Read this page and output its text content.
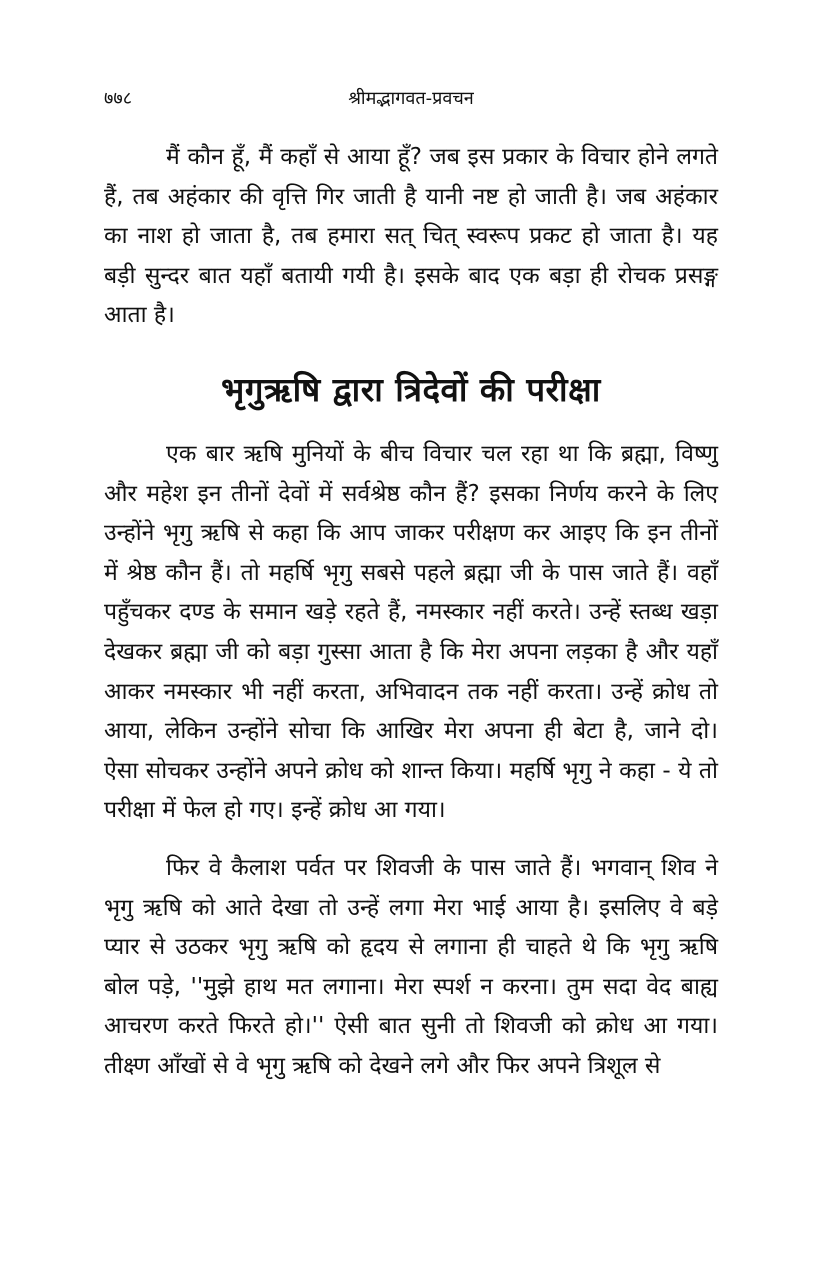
७७८	श्रीमद्भागवत-प्रवचन

मैं कौन हूँ, मैं कहाँ से आया हूँ? जब इस प्रकार के विचार होने लगते हैं, तब अहंकार की वृत्ति गिर जाती है यानी नष्ट हो जाती है। जब अहंकार का नाश हो जाता है, तब हमारा सत् चित् स्वरूप प्रकट हो जाता है। यह बड़ी सुन्दर बात यहाँ बतायी गयी है। इसके बाद एक बड़ा ही रोचक प्रसङ्ग आता है।

भृगुऋषि द्वारा त्रिदेवों की परीक्षा

एक बार ऋषि मुनियों के बीच विचार चल रहा था कि ब्रह्मा, विष्णु और महेश इन तीनों देवों में सर्वश्रेष्ठ कौन हैं? इसका निर्णय करने के लिए उन्होंने भृगु ऋषि से कहा कि आप जाकर परीक्षण कर आइए कि इन तीनों में श्रेष्ठ कौन हैं। तो महर्षि भृगु सबसे पहले ब्रह्मा जी के पास जाते हैं। वहाँ पहुँचकर दण्ड के समान खड़े रहते हैं, नमस्कार नहीं करते। उन्हें स्तब्ध खड़ा देखकर ब्रह्मा जी को बड़ा गुस्सा आता है कि मेरा अपना लड़का है और यहाँ आकर नमस्कार भी नहीं करता, अभिवादन तक नहीं करता। उन्हें क्रोध तो आया, लेकिन उन्होंने सोचा कि आखिर मेरा अपना ही बेटा है, जाने दो। ऐसा सोचकर उन्होंने अपने क्रोध को शान्त किया। महर्षि भृगु ने कहा - ये तो परीक्षा में फेल हो गए। इन्हें क्रोध आ गया।

फिर वे कैलाश पर्वत पर शिवजी के पास जाते हैं। भगवान् शिव ने भृगु ऋषि को आते देखा तो उन्हें लगा मेरा भाई आया है। इसलिए वे बड़े प्यार से उठकर भृगु ऋषि को हृदय से लगाना ही चाहते थे कि भृगु ऋषि बोल पड़े, ''मुझे हाथ मत लगाना। मेरा स्पर्श न करना। तुम सदा वेद बाह्य आचरण करते फिरते हो।'' ऐसी बात सुनी तो शिवजी को क्रोध आ गया। तीक्ष्ण आँखों से वे भृगु ऋषि को देखने लगे और फिर अपने त्रिशूल से
